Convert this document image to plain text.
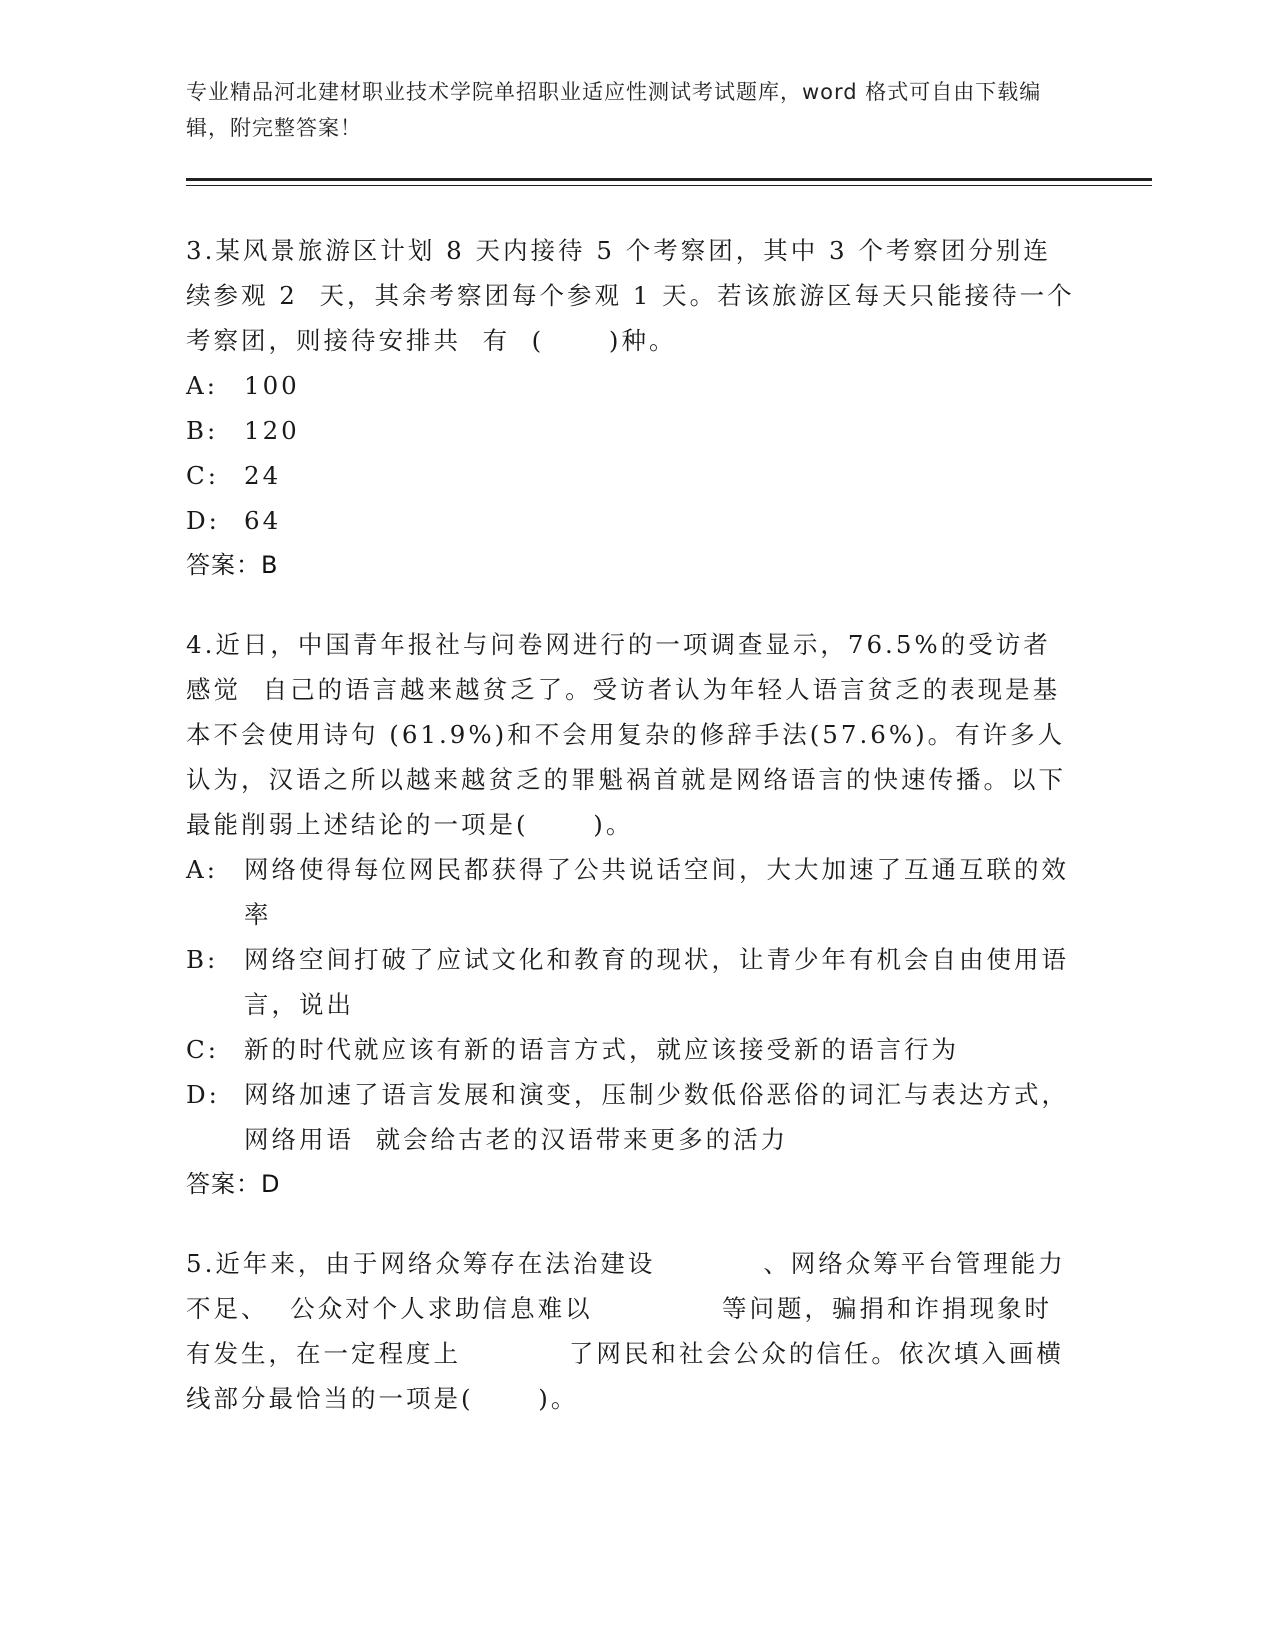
专业精品河北建材职业技术学院单招职业适应性测试考试题库，word 格式可自由下载编辑，附完整答案！

3.某风景旅游区计划 8 天内接待 5 个考察团，其中 3 个考察团分别连续参观 2  天，其余考察团每个参观 1 天。若该旅游区每天只能接待一个考察团，则接待安排共  有  (      )种。

A:	100
B:	120
C:	24
D: 64
答案：B

4.近日，中国青年报社与问卷网进行的一项调查显示，76.5%的受访者感觉  自己的语言越来越贫乏了。受访者认为年轻人语言贫乏的表现是基本不会使用诗句 (61.9%)和不会用复杂的修辞手法(57.6%)。有许多人认为，汉语之所以越来越贫乏的罪魁祸首就是网络语言的快速传播。以下最能削弱上述结论的一项是(      )。

A:	网络使得每位网民都获得了公共说话空间，大大加速了互通互联的效率
B:	网络空间打破了应试文化和教育的现状，让青少年有机会自由使用语言，说出
C:	新的时代就应该有新的语言方式，就应该接受新的语言行为
D: 网络加速了语言发展和演变，压制少数低俗恶俗的词汇与表达方式，网络用语  就会给古老的汉语带来更多的活力
答案：D

5.近年来，由于网络众筹存在法治建设          、网络众筹平台管理能力不足、  公众对个人求助信息难以            等问题，骗捐和诈捐现象时有发生，在一定程度上          了网民和社会公众的信任。依次填入画横线部分最恰当的一项是(      )。
